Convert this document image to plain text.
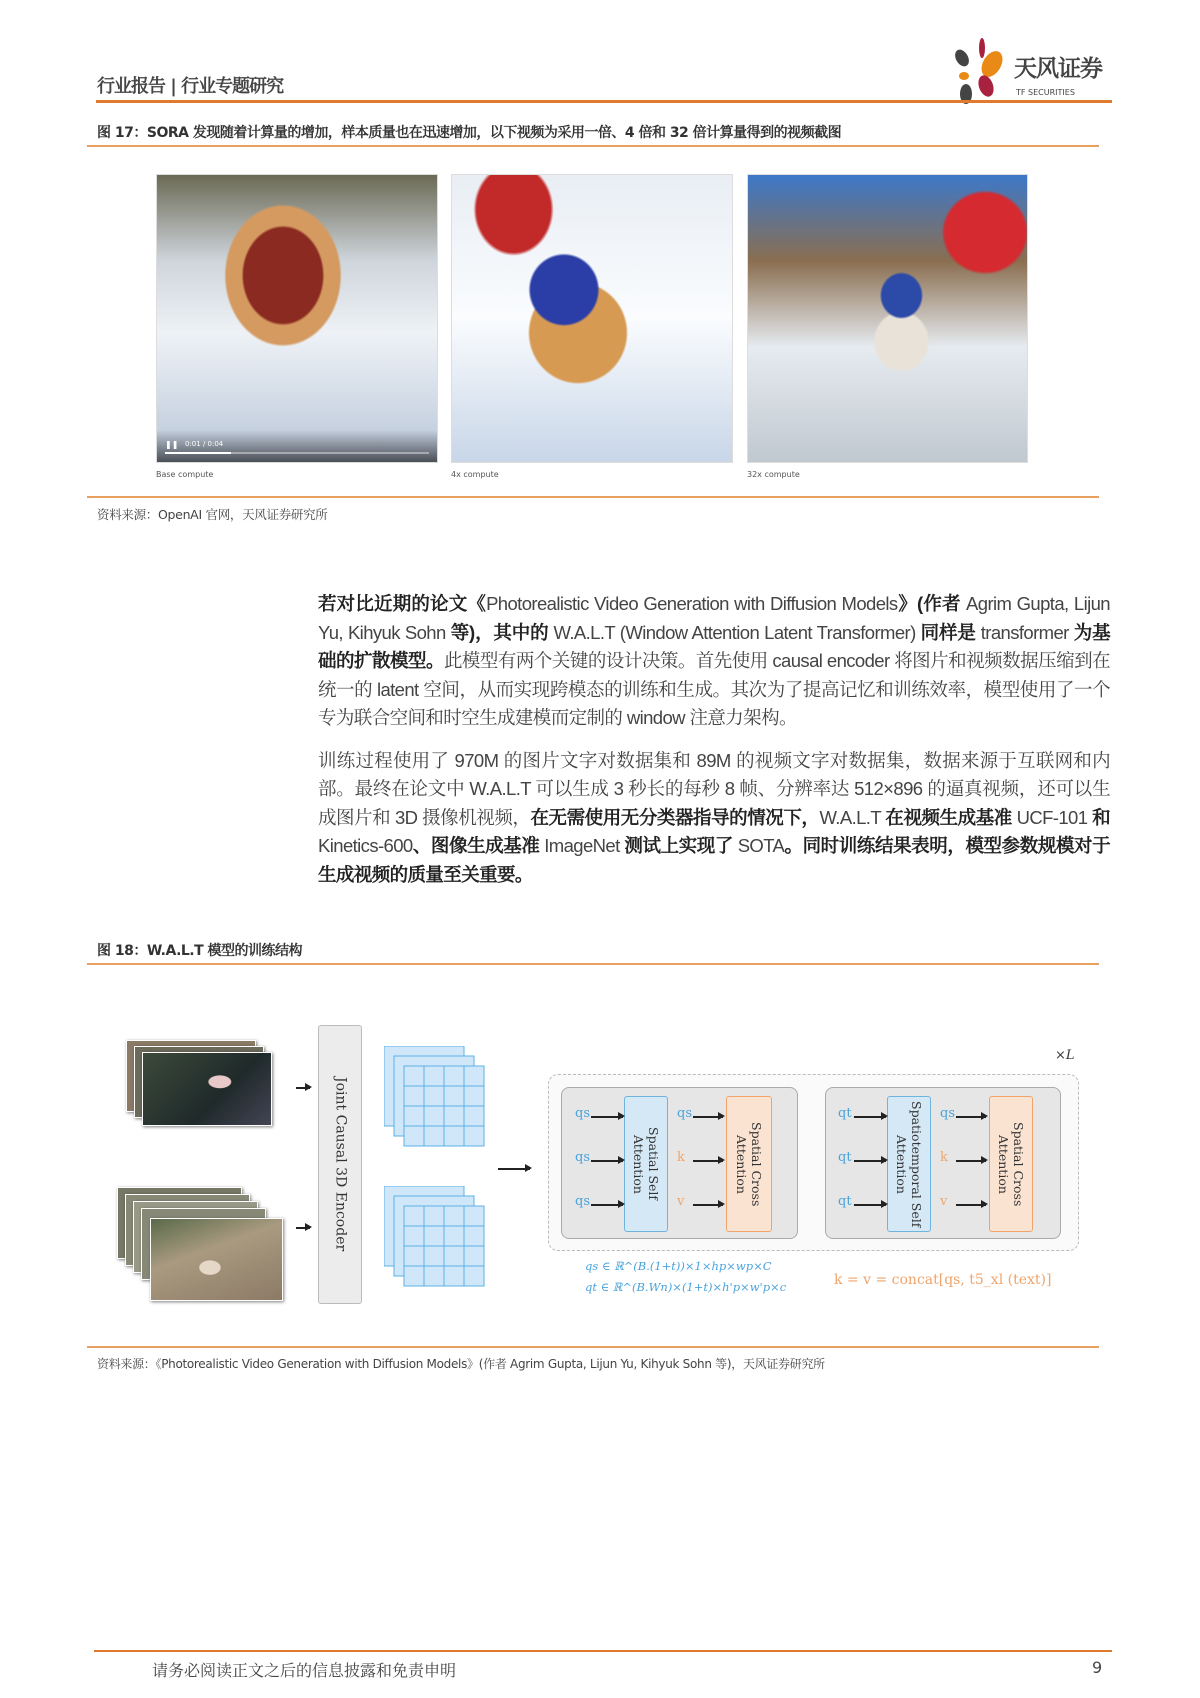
行业报告 | 行业专题研究
天风证券
TF SECURITIES
图 17：SORA 发现随着计算量的增加，样本质量也在迅速增加，以下视频为采用一倍、4 倍和 32 倍计算量得到的视频截图
❚❚ 0:01 / 0:04
Base compute	4x compute	32x compute
资料来源：OpenAI 官网，天风证券研究所
若对比近期的论文《Photorealistic Video Generation with Diffusion Models》(作者 Agrim Gupta, Lijun Yu, Kihyuk Sohn 等)，其中的 W.A.L.T (Window Attention Latent Transformer) 同样是 transformer 为基础的扩散模型。此模型有两个关键的设计决策。首先使用 causal encoder 将图片和视频数据压缩到在统一的 latent 空间，从而实现跨模态的训练和生成。其次为了提高记忆和训练效率，模型使用了一个专为联合空间和时空生成建模而定制的 window 注意力架构。
训练过程使用了 970M 的图片文字对数据集和 89M 的视频文字对数据集，数据来源于互联网和内部。最终在论文中 W.A.L.T 可以生成 3 秒长的每秒 8 帧、分辨率达 512×896 的逼真视频，还可以生成图片和 3D 摄像机视频，在无需使用无分类器指导的情况下，W.A.L.T 在视频生成基准 UCF-101 和 Kinetics-600、图像生成基准 ImageNet 测试上实现了 SOTA。同时训练结果表明，模型参数规模对于生成视频的质量至关重要。
图 18：W.A.L.T 模型的训练结构
Joint Causal 3D Encoder
×L
Spatial Self Attention	Spatial Cross Attention	Spatiotemporal Self Attention	Spatial Cross Attention
qs
qs
qs
qs
k
v
qt
qt
qt
qs
k
v
qs ∈ ℝ^(B.(1+t))×1×hp×wp×C
qt ∈ ℝ^(B.Wn)×(1+t)×h'p×w'p×c	k = v = concat[qs, t5_xl (text)]
资料来源：《Photorealistic Video Generation with Diffusion Models》(作者 Agrim Gupta, Lijun Yu, Kihyuk Sohn 等)，天风证券研究所
请务必阅读正文之后的信息披露和免责申明	9
